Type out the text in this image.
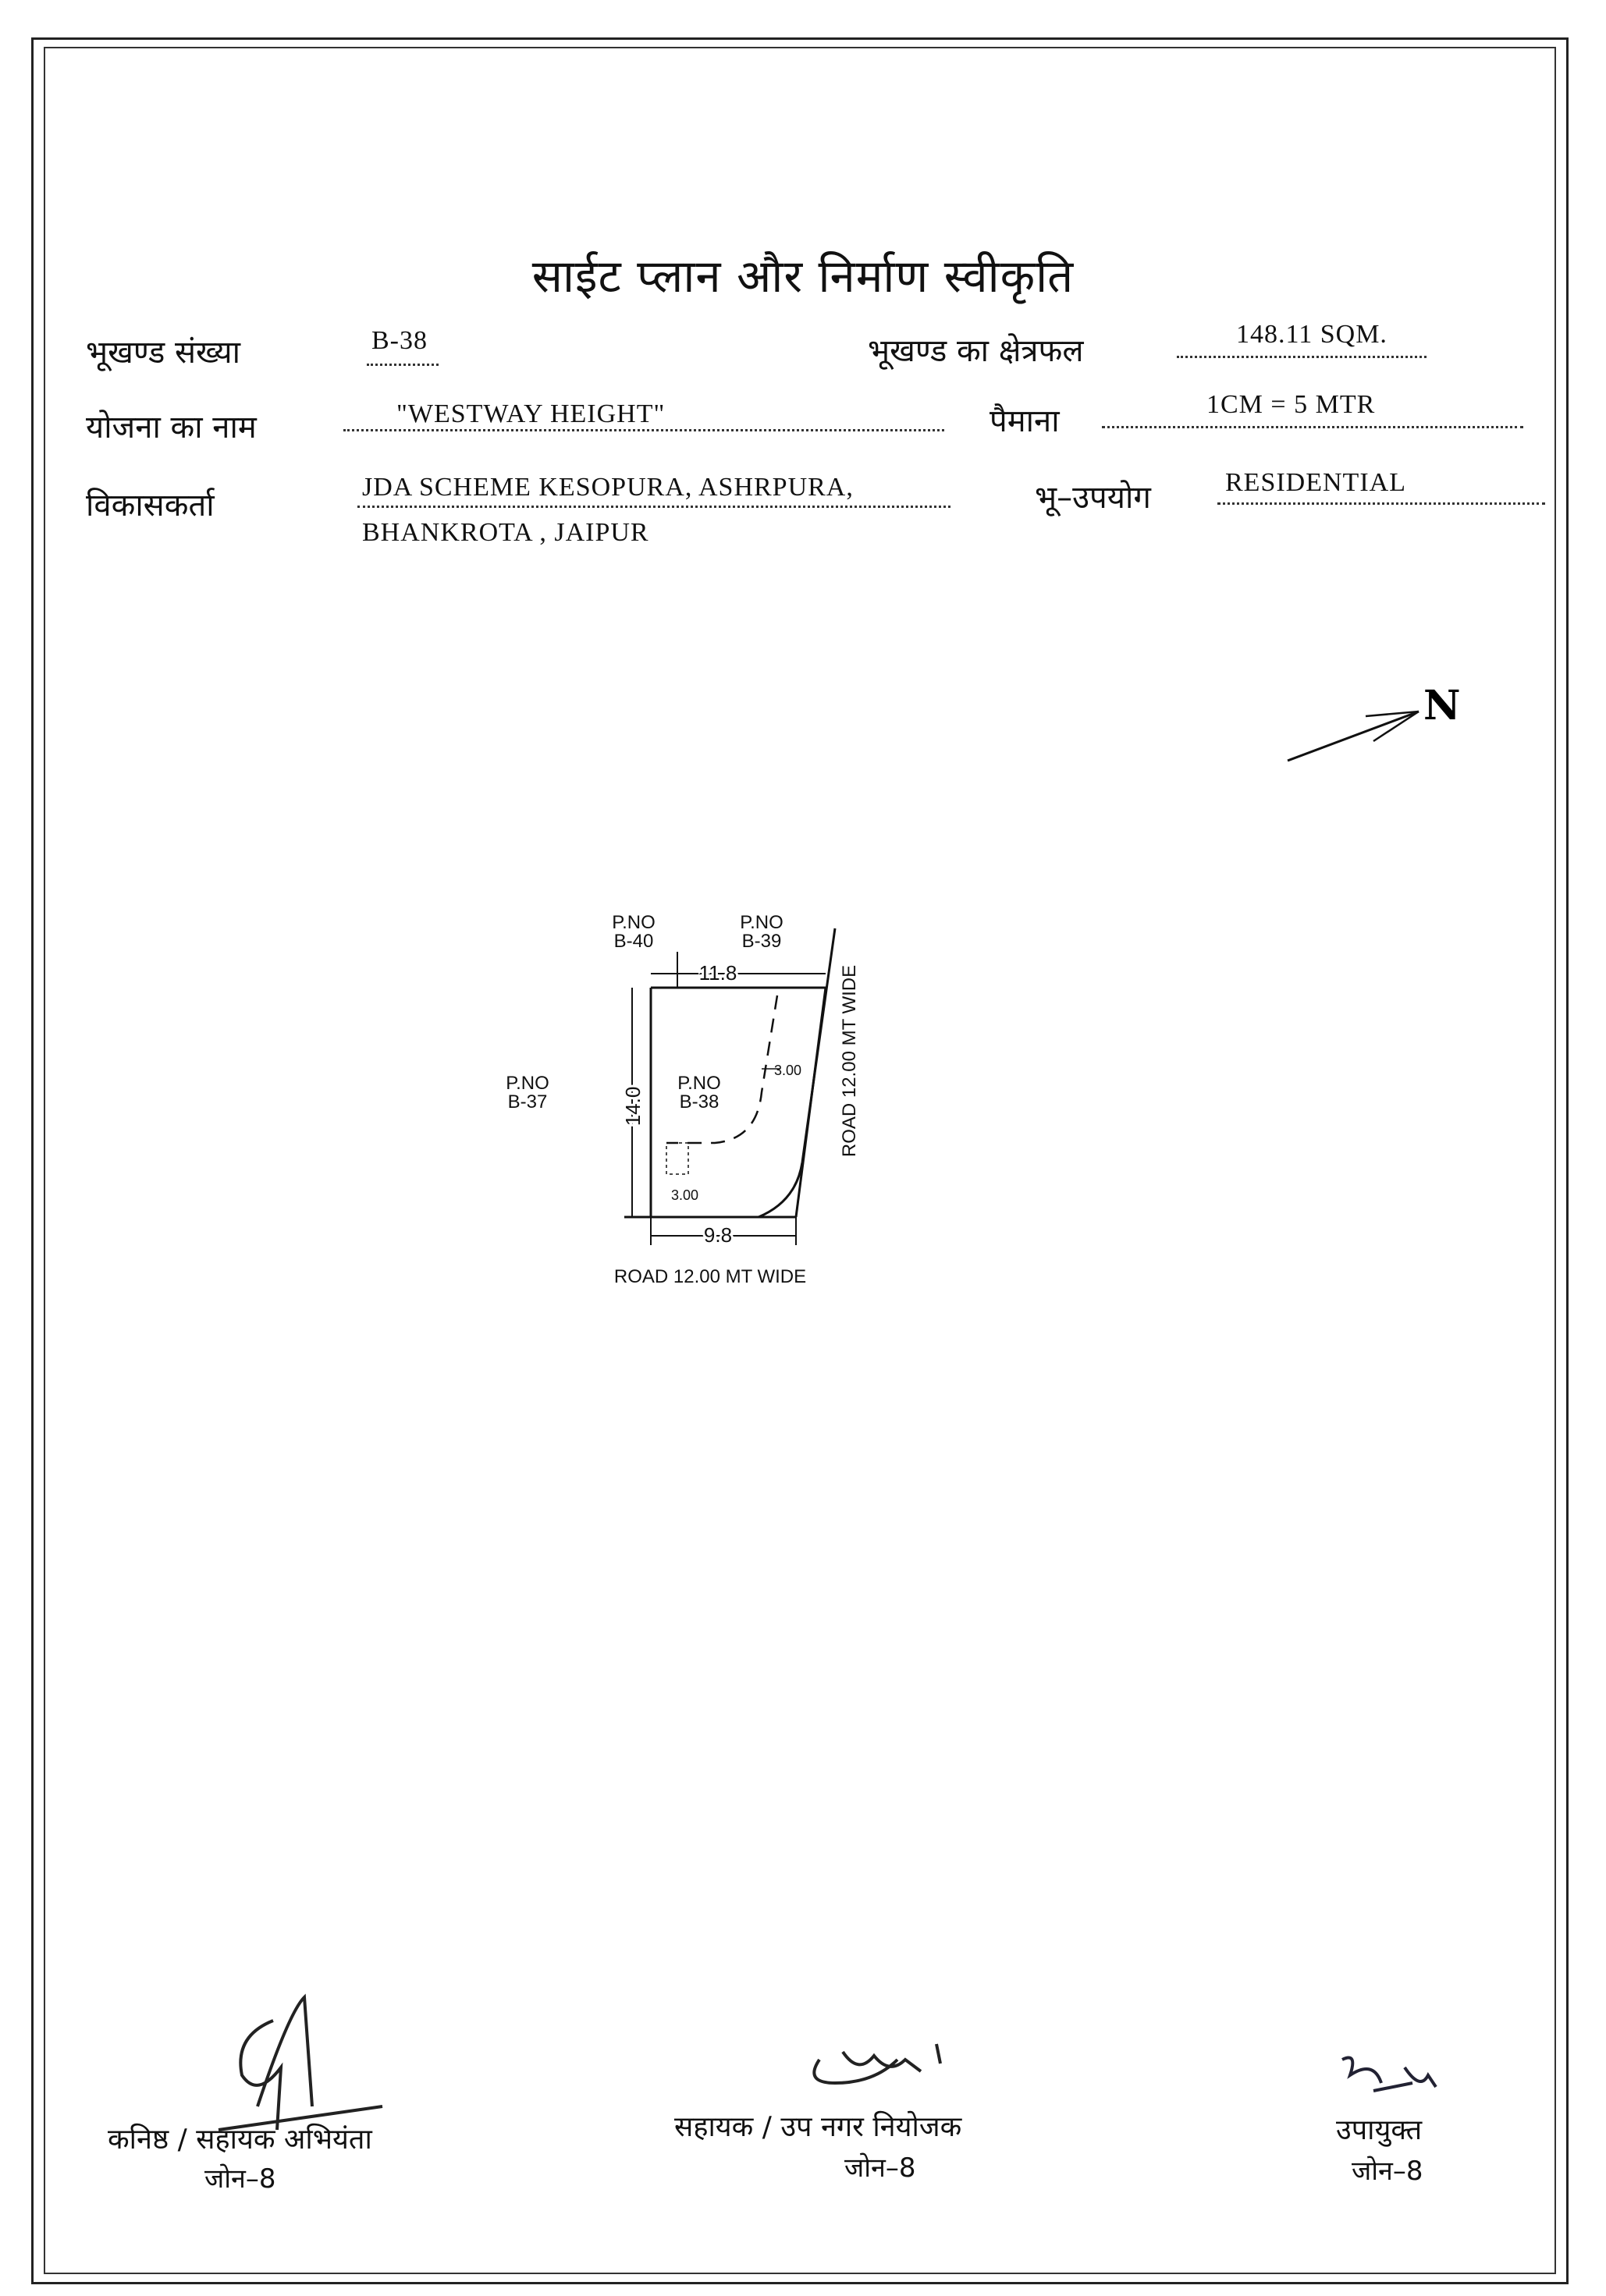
साईट प्लान और निर्माण स्वीकृति
भूखण्ड संख्या	B-38	भूखण्ड का क्षेत्रफल	148.11 SQM.
योजना का नाम	"WESTWAY HEIGHT"	पैमाना	1CM = 5 MTR
विकासकर्ता
JDA SCHEME KESOPURA, ASHRPURA,
BHANKROTA , JAIPUR
भू–उपयोग	RESIDENTIAL
N
P.NO
B-40
P.NO
B-39
P.NO
B-37
P.NO
B-38
11.8
14.0
9.8
3.00
3.00
ROAD 12.00 MT WIDE
ROAD 12.00 MT WIDE
कनिष्ठ / सहायक अभियंता
जोन–8
सहायक / उप नगर नियोजक
जोन–8
उपायुक्त
जोन–8
